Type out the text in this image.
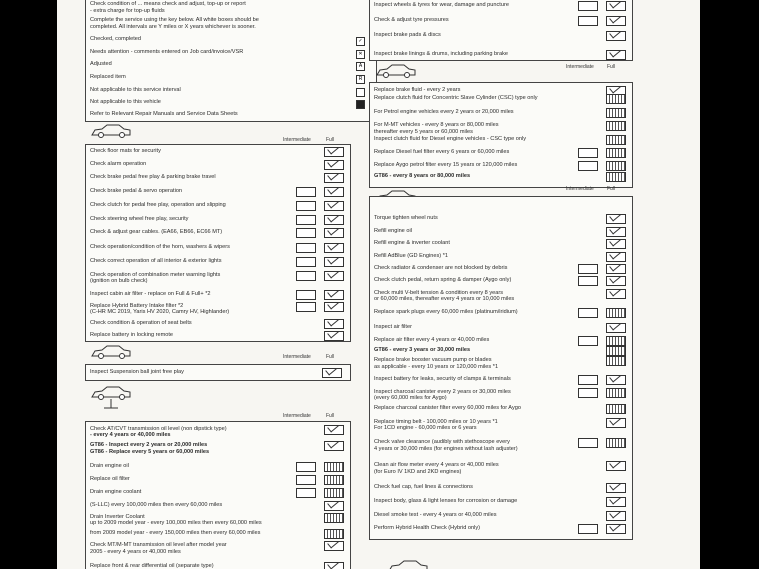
Check condition of ... means check and adjust, top-up or report
- extra charge for top-up fluids
Complete the service using the key below. All white boxes should be
completed. All intervals are Y miles or X years whichever is sooner.
Checked, completed
Needs attention - comments entered on Job card/invoice/VSR
Adjusted
Replaced item
Not applicable to this service interval
Not applicable to this vehicle
Refer to Relevant Repair Manuals and Service Data Sheets
✓
✕
A
R
■
Intermediate	Full
Check floor mats for security
Check alarm operation
Check brake pedal free play & parking brake travel
Check brake pedal & servo operation
Check clutch for pedal free play, operation and slipping
Check steering wheel free play, security
Check & adjust gear cables. (EA66, EB66, EC66 MT)
Check operation/condition of the horn, washers & wipers
Check correct operation of all interior & exterior lights
Check operation of combination meter warning lights
(ignition on bulb check)
Inspect cabin air filter - replace on Full & Full+ *2
Replace Hybrid Battery Intake filter *2
(C-HR MC 2019, Yaris HV 2020, Camry HV, Highlander)
Check condition & operation of seat belts
Replace battery in locking remote
Intermediate	Full
Inspect Suspension ball joint free play
Intermediate	Full
Check AT/CVT transmission oil level (non dipstick type)
- every 4 years or 40,000 miles
GT86 - Inspect every 2 years or 20,000 miles
GT86 - Replace every 5 years or 60,000 miles
Drain engine oil
Replace oil filter
Drain engine coolant
(S-LLC) every 100,000 miles then every 60,000 miles
Drain Inverter Coolant
up to 2009 model year - every 100,000 miles then every 60,000 miles
from 2009 model year - every 150,000 miles then every 60,000 miles
Check MT/M-MT transmission oil level after model year
2005 - every 4 years or 40,000 miles
Replace front & rear differential oil (separate type)
Inspect wheels & tyres for wear, damage and puncture
Check & adjust tyre pressures
Inspect brake pads & discs
Inspect brake linings & drums, including parking brake
Intermediate	Full
Replace brake fluid - every 2 years
Replace clutch fluid for Concentric Slave Cylinder (CSC) type only
For Petrol engine vehicles every 2 years or 20,000 miles
For M-MT vehicles - every 8 years or 80,000 miles
thereafter every 5 years or 60,000 miles
Inspect clutch fluid for Diesel engine vehicles - CSC type only
Replace Diesel fuel filter every 6 years or 60,000 miles
Replace Aygo petrol filter every 15 years or 120,000 miles
GT86 - every 8 years or 80,000 miles
Intermediate	Full
Torque tighten wheel nuts
Refill engine oil
Refill engine & inverter coolant
Refill AdBlue (GD Engines) *1
Check radiator & condenser are not blocked by debris
Check clutch pedal, return spring & damper (Aygo only)
Check multi V-belt tension & condition every 8 years
or 60,000 miles, thereafter every 4 years or 10,000 miles
Replace spark plugs every 60,000 miles (platinum/iridium)
Inspect air filter
Replace air filter every 4 years or 40,000 miles
GT86 - every 3 years or 30,000 miles
Replace brake booster vacuum pump or blades
as applicable - every 10 years or 120,000 miles *1
Inspect battery for leaks, security of clamps & terminals
Inspect charcoal canister every 2 years or 30,000 miles
(every 60,000 miles for Aygo)
Replace charcoal canister filter every 60,000 miles for Aygo
Replace timing belt - 100,000 miles or 10 years *1
For 1CD engine - 60,000 miles or 6 years
Check valve clearance (audibly with stethoscope every
4 years or 30,000 miles (for engines without lash adjuster)
Clean air flow meter every 4 years or 40,000 miles
(for Euro IV 1KD and 2KD engines)
Check fuel cap, fuel lines & connections
Inspect body, glass & light lenses for corrosion or damage
Diesel smoke test - every 4 years or 40,000 miles
Perform Hybrid Health Check (Hybrid only)
